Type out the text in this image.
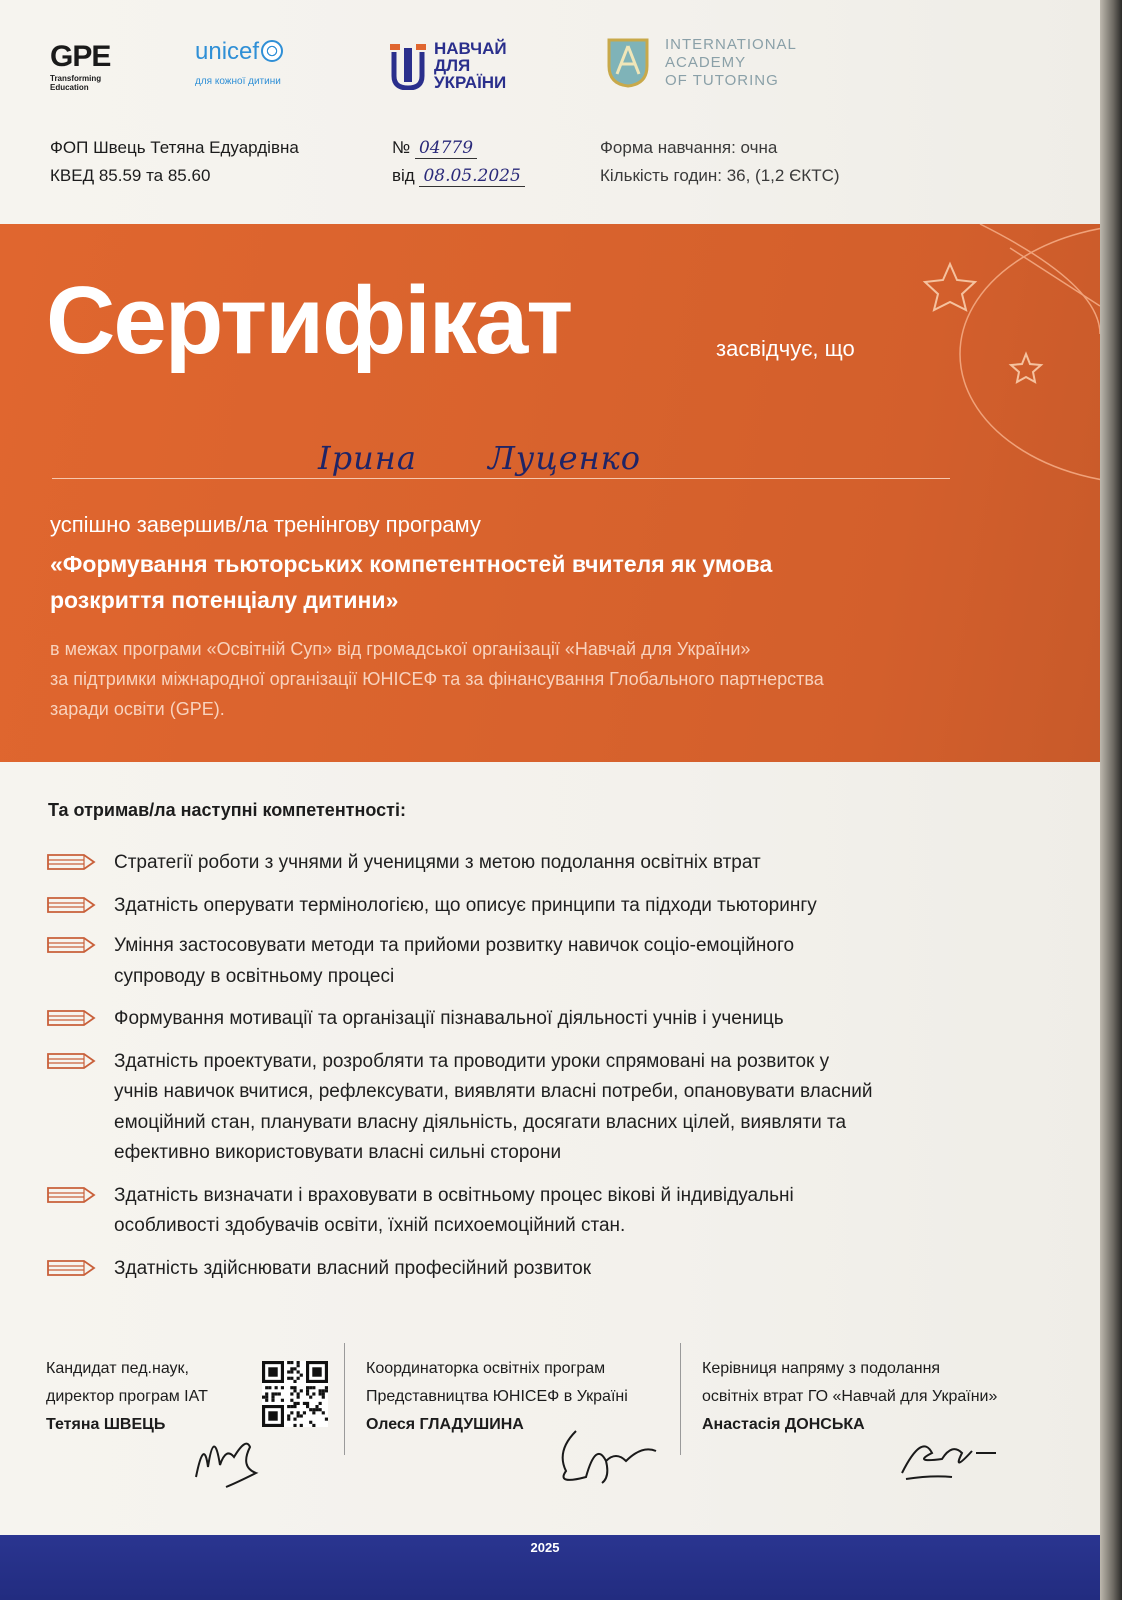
GPE
Transforming
Education
unicef
для кожної дитини
НАВЧАЙ
ДЛЯ
УКРАЇНИ
INTERNATIONAL
ACADEMY
OF TUTORING
ФОП Швець Тетяна Едуардівна
КВЕД 85.59 та 85.60
№ 04779
від 08.05.2025
Форма навчання: очна
Кількість годин: 36, (1,2 ЄКТС)
Сертифікат	засвідчує, що
Ірина Луценко
успішно завершив/ла тренінгову програму
«Формування тьюторських компетентностей вчителя як умова
розкриття потенціалу дитини»
в межах програми «Освітній Суп» від громадської організації «Навчай для України»
за підтримки міжнародної організації ЮНІСЕФ та за фінансування Глобального партнерства
заради освіти (GPE).
Та отримав/ла наступні компетентності:
Стратегії роботи з учнями й ученицями з метою подолання освітніх втрат
Здатність оперувати термінологією, що описує принципи та підходи тьюторингу
Уміння застосовувати методи та прийоми розвитку навичок соціо-емоційного
супроводу в освітньому процесі
Формування мотивації та організації пізнавальної діяльності учнів і учениць
Здатність проектувати, розробляти та проводити уроки спрямовані на розвиток у
учнів навичок вчитися, рефлексувати, виявляти власні потреби, опановувати власний
емоційний стан, планувати власну діяльність, досягати власних цілей, виявляти та
ефективно використовувати власні сильні сторони
Здатність визначати і враховувати в освітньому процес вікові й індивідуальні
особливості здобувачів освіти, їхній психоемоційний стан.
Здатність здійснювати власний професійний розвиток
Кандидат пед.наук,
директор програм IAT
Тетяна ШВЕЦЬ
Координаторка освітніх програм
Представництва ЮНІСЕФ в Україні
Олеся ГЛАДУШИНА
Керівниця напряму з подолання
освітніх втрат ГО «Навчай для України»
Анастасія ДОНСЬКА
2025
